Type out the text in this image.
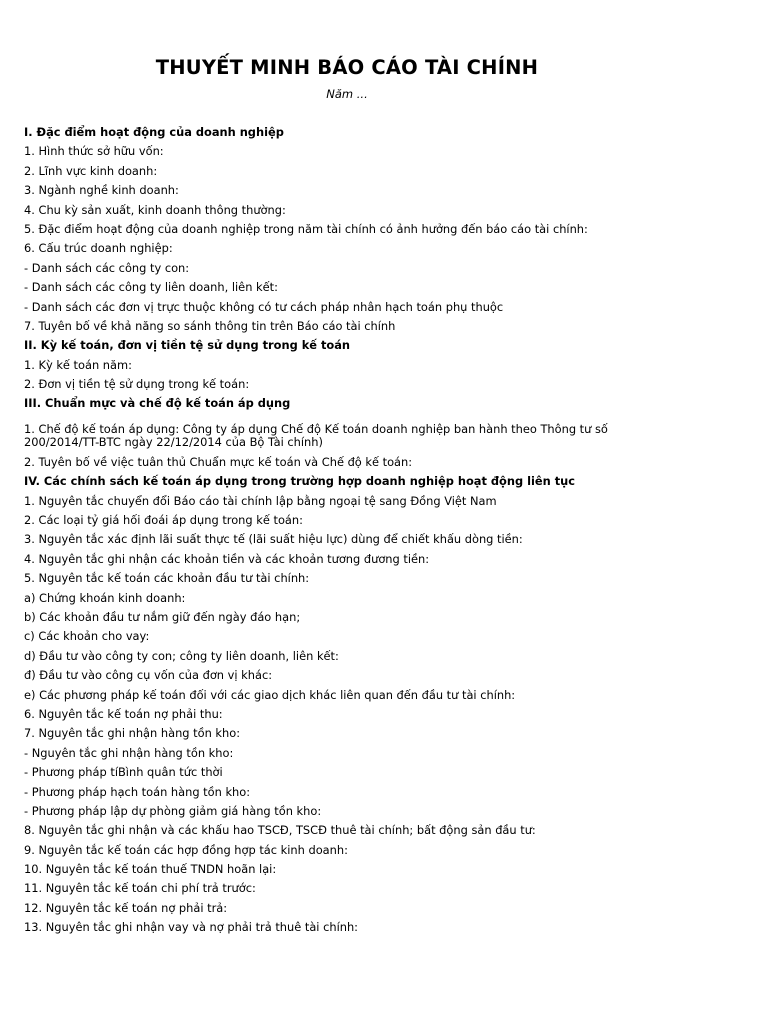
THUYẾT MINH BÁO CÁO TÀI CHÍNH
Năm ...
I. Đặc điểm hoạt động của doanh nghiệp
1. Hình thức sở hữu vốn:
2. Lĩnh vực kinh doanh:
3. Ngành nghề kinh doanh:
4. Chu kỳ sản xuất, kinh doanh thông thường:
5. Đặc điểm hoạt động của doanh nghiệp trong năm tài chính có ảnh hưởng đến báo cáo tài chính:
6. Cấu trúc doanh nghiệp:
- Danh sách các công ty con:
- Danh sách các công ty liên doanh, liên kết:
- Danh sách các đơn vị trực thuộc không có tư cách pháp nhân hạch toán phụ thuộc
7. Tuyên bố về khả năng so sánh thông tin trên Báo cáo tài chính
II. Kỳ kế toán, đơn vị tiền tệ sử dụng trong kế toán
1. Kỳ kế toán năm:
2. Đơn vị tiền tệ sử dụng trong kế toán:
III. Chuẩn mực và chế độ kế toán áp dụng
1. Chế độ kế toán áp dụng: Công ty áp dụng Chế độ Kế toán doanh nghiệp ban hành theo Thông tư số 200/2014/TT-BTC ngày 22/12/2014 của Bộ Tài chính)
2. Tuyên bố về việc tuân thủ Chuẩn mực kế toán và Chế độ kế toán:
IV. Các chính sách kế toán áp dụng trong trường hợp doanh nghiệp hoạt động liên tục
1. Nguyên tắc chuyển đổi Báo cáo tài chính lập bằng ngoại tệ sang Đồng Việt Nam
2. Các loại tỷ giá hối đoái áp dụng trong kế toán:
3. Nguyên tắc xác định lãi suất thực tế (lãi suất hiệu lực) dùng để chiết khấu dòng tiền:
4. Nguyên tắc ghi nhận các khoản tiền và các khoản tương đương tiền:
5. Nguyên tắc kế toán các khoản đầu tư tài chính:
a) Chứng khoán kinh doanh:
b) Các khoản đầu tư nắm giữ đến ngày đáo hạn;
c) Các khoản cho vay:
d) Đầu tư vào công ty con; công ty liên doanh, liên kết:
đ) Đầu tư vào công cụ vốn của đơn vị khác:
e) Các phương pháp kế toán đối với các giao dịch khác liên quan đến đầu tư tài chính:
6. Nguyên tắc kế toán nợ phải thu:
7. Nguyên tắc ghi nhận hàng tồn kho:
- Nguyên tắc ghi nhận hàng tồn kho:
- Phương pháp tíBình quân tức thời
- Phương pháp hạch toán hàng tồn kho:
- Phương pháp lập dự phòng giảm giá hàng tồn kho:
8. Nguyên tắc ghi nhận và các khấu hao TSCĐ, TSCĐ thuê tài chính; bất động sản đầu tư:
9. Nguyên tắc kế toán các hợp đồng hợp tác kinh doanh:
10. Nguyên tắc kế toán thuế TNDN hoãn lại:
11. Nguyên tắc kế toán chi phí trả trước:
12. Nguyên tắc kế toán nợ phải trả:
13. Nguyên tắc ghi nhận vay và nợ phải trả thuê tài chính:
